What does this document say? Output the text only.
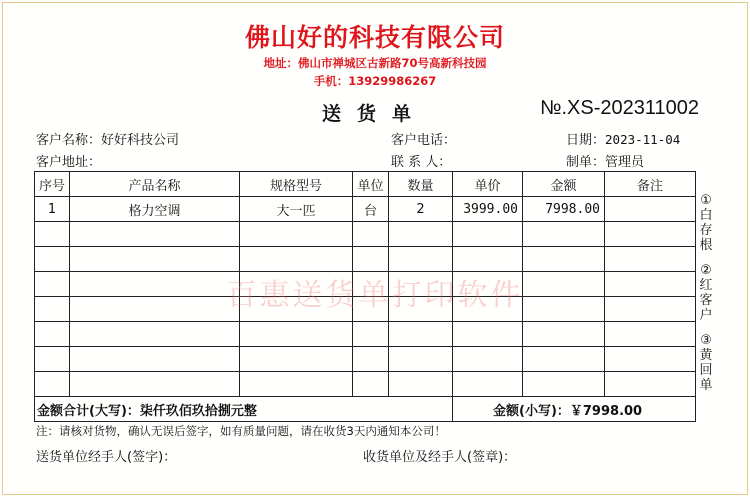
佛山好的科技有限公司
地址：佛山市禅城区古新路70号高新科技园
手机：13929986267
送货单	№.XS-202311002
客户名称：好好科技公司	客户电话：	日期：2023-11-04
客户地址：	联 系 人：	制单：管理员
序号	产品名称	规格型号	单位	数量	单价	金额	备注
1	格力空调	大一匹	台	2	3999.00	7998.00	

金额合计(大写)：柒仟玖佰玖拾捌元整					金额(小写)：￥7998.00		
百惠送货单打印软件
①
白
存
根
②
红
客
户
③
黄
回
单
注：请核对货物，确认无误后签字，如有质量问题，请在收货3天内通知本公司！
送货单位经手人(签字)：	收货单位及经手人(签章)：
